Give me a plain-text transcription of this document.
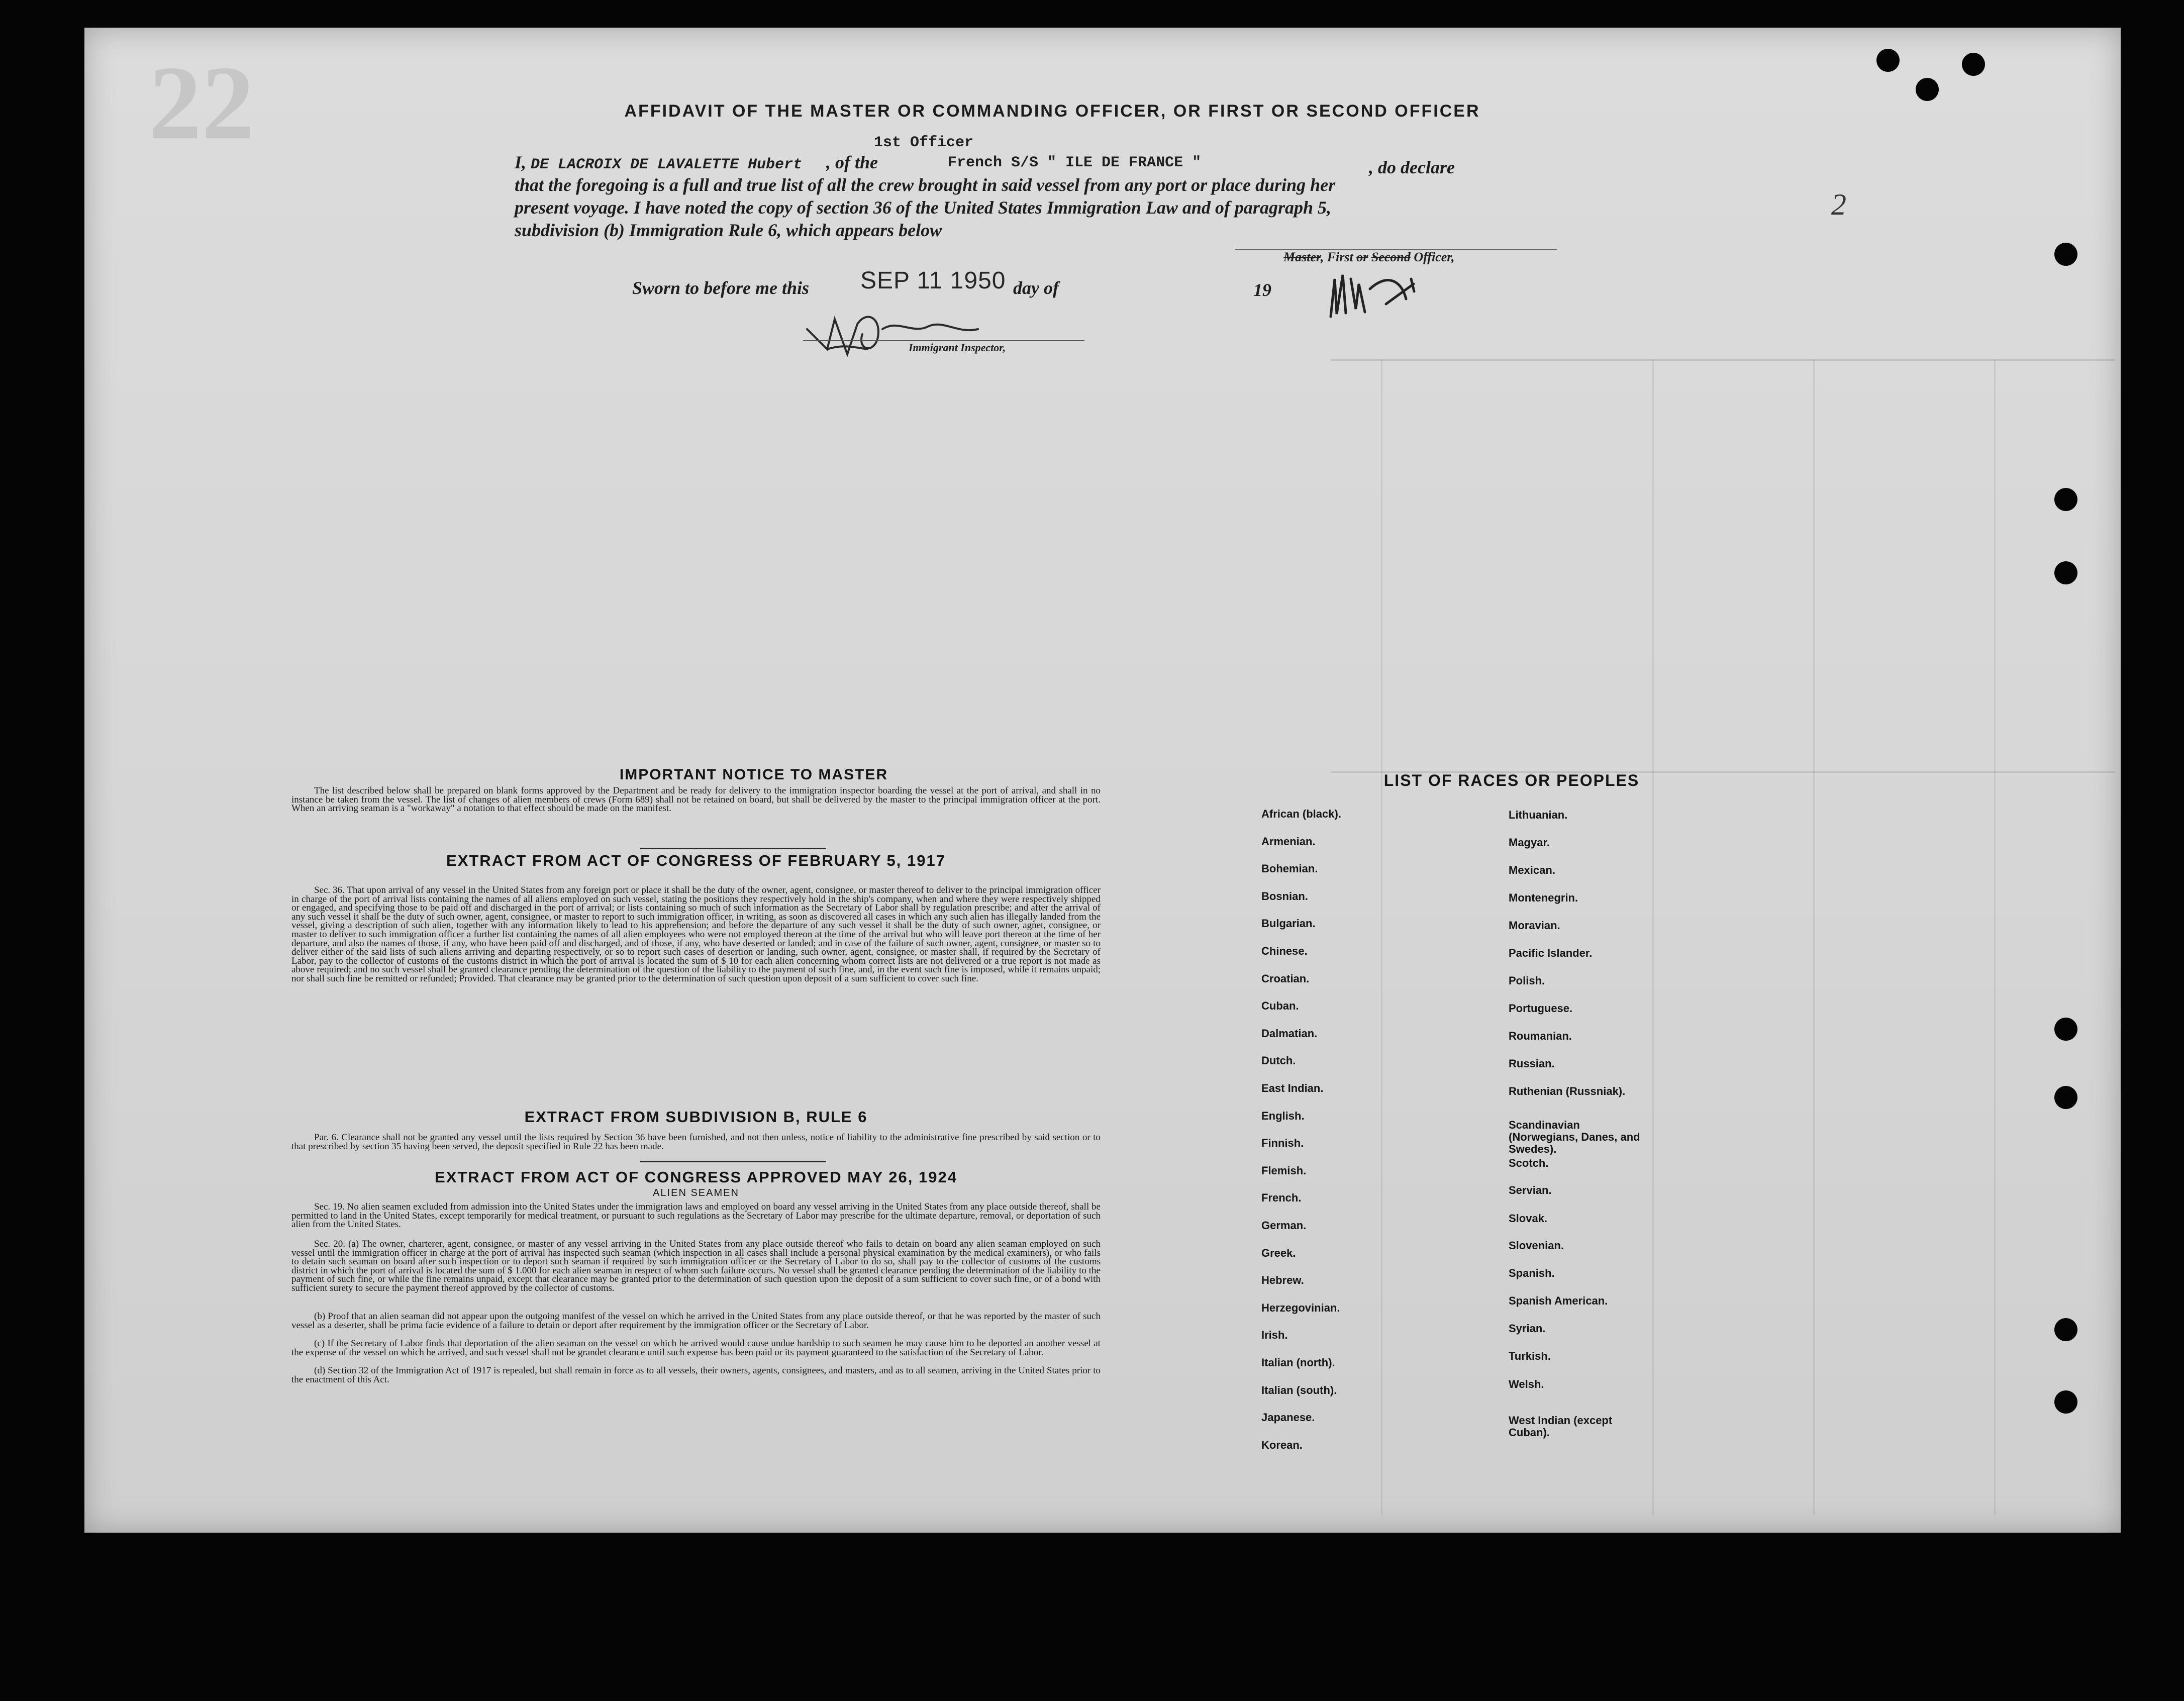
22	AFFIDAVIT OF THE MASTER OR COMMANDING OFFICER, OR FIRST OR SECOND OFFICER
1st Officer
I, DE LACROIX DE LAVALETTE Hubert , of the	French S/S " ILE DE FRANCE "	, do declare
that the foregoing is a full and true list of all the crew brought in said vessel from any port or place during her
present voyage. I have noted the copy of section 36 of the United States Immigration Law and of paragraph 5,
subdivision (b) Immigration Rule 6, which appears below
Master, First or Second Officer,
Sworn to before me this SEP 11 1950 day of	19
Immigrant Inspector,
2
IMPORTANT NOTICE TO MASTER

The list described below shall be prepared on blank forms approved by the Department and be ready for delivery to the immigration inspector boarding the vessel at the port of arrival, and shall in no instance be taken from the vessel. The list of changes of alien members of crews (Form 689) shall not be retained on board, but shall be delivered by the master to the principal immigration officer at the port. When an arriving seaman is a "workaway" a notation to that effect should be made on the manifest.

EXTRACT FROM ACT OF CONGRESS OF FEBRUARY 5, 1917

Sec. 36. That upon arrival of any vessel in the United States from any foreign port or place it shall be the duty of the owner, agent, consignee, or master thereof to deliver to the principal immigration officer in charge of the port of arrival lists containing the names of all aliens employed on such vessel, stating the positions they respectively hold in the ship's company, when and where they were respectively shipped or engaged, and specifying those to be paid off and discharged in the port of arrival; or lists containing so much of such information as the Secretary of Labor shall by regulation prescribe; and after the arrival of any such vessel it shall be the duty of such owner, agent, consignee, or master to report to such immigration officer, in writing, as soon as discovered all cases in which any such alien has illegally landed from the vessel, giving a description of such alien, together with any information likely to lead to his apprehension; and before the departure of any such vessel it shall be the duty of such owner, agnet, consignee, or master to deliver to such immigration officer a further list containing the names of all alien employees who were not employed thereon at the time of the arrival but who will leave port thereon at the time of her departure, and also the names of those, if any, who have been paid off and discharged, and of those, if any, who have deserted or landed; and in case of the failure of such owner, agent, consignee, or master so to deliver either of the said lists of such aliens arriving and departing respectively, or so to report such cases of desertion or landing, such owner, agent, consignee, or master shall, if required by the Secretary of Labor, pay to the collector of customs of the customs district in which the port of arrival is located the sum of $ 10 for each alien concerning whom correct lists are not delivered or a true report is not made as above required; and no such vessel shall be granted clearance pending the determination of the question of the liability to the payment of such fine, and, in the event such fine is imposed, while it remains unpaid; nor shall such fine be remitted or refunded; Provided. That clearance may be granted prior to the determination of such question upon deposit of a sum sufficient to cover such fine.

EXTRACT FROM SUBDIVISION B, RULE 6

Par. 6. Clearance shall not be granted any vessel until the lists required by Section 36 have been furnished, and not then unless, notice of liability to the administrative fine prescribed by said section or to that prescribed by section 35 having been served, the deposit specified in Rule 22 has been made.

EXTRACT FROM ACT OF CONGRESS APPROVED MAY 26, 1924
ALIEN SEAMEN

Sec. 19. No alien seamen excluded from admission into the United States under the immigration laws and employed on board any vessel arriving in the United States from any place outside thereof, shall be permitted to land in the United States, except temporarily for medical treatment, or pursuant to such regulations as the Secretary of Labor may prescribe for the ultimate departure, removal, or deportation of such alien from the United States.

Sec. 20. (a) The owner, charterer, agent, consignee, or master of any vessel arriving in the United States from any place outside thereof who fails to detain on board any alien seaman employed on such vessel until the immigration officer in charge at the port of arrival has inspected such seaman (which inspection in all cases shall include a personal physical examination by the medical examiners), or who fails to detain such seaman on board after such inspection or to deport such seaman if required by such immigration officer or the Secretary of Labor to do so, shall pay to the collector of customs of the customs district in which the port of arrival is located the sum of $ 1.000 for each alien seaman in respect of whom such failure occurs. No vessel shall be granted clearance pending the determination of the liability to the payment of such fine, or while the fine remains unpaid, except that clearance may be granted prior to the determination of such question upon the deposit of a sum sufficient to cover such fine, or of a bond with sufficient surety to secure the payment thereof approved by the collector of customs.

(b) Proof that an alien seaman did not appear upon the outgoing manifest of the vessel on which he arrived in the United States from any place outside thereof, or that he was reported by the master of such vessel as a deserter, shall be prima facie evidence of a failure to detain or deport after requirement by the immigration officer or the Secretary of Labor.

(c) If the Secretary of Labor finds that deportation of the alien seaman on the vessel on which he arrived would cause undue hardship to such seamen he may cause him to be deported an another vessel at the expense of the vessel on which he arrived, and such vessel shall not be grandet clearance until such expense has been paid or its payment guaranteed to the satisfaction of the Secretary of Labor.

(d) Section 32 of the Immigration Act of 1917 is repealed, but shall remain in force as to all vessels, their owners, agents, consignees, and masters, and as to all seamen, arriving in the United States prior to the enactment of this Act.

LIST OF RACES OR PEOPLES
African (black).
Armenian.
Bohemian.
Bosnian.
Bulgarian.
Chinese.
Croatian.
Cuban.
Dalmatian.
Dutch.
East Indian.
English.
Finnish.
Flemish.
French.
German.
Greek.
Hebrew.
Herzegovinian.
Irish.
Italian (north).
Italian (south).
Japanese.
Korean.
Lithuanian.
Magyar.
Mexican.
Montenegrin.
Moravian.
Pacific Islander.
Polish.
Portuguese.
Roumanian.
Russian.
Ruthenian (Russniak).
Scandinavian (Norwegians, Danes, and Swedes).
Scotch.
Servian.
Slovak.
Slovenian.
Spanish.
Spanish American.
Syrian.
Turkish.
Welsh.
West Indian (except Cuban).
